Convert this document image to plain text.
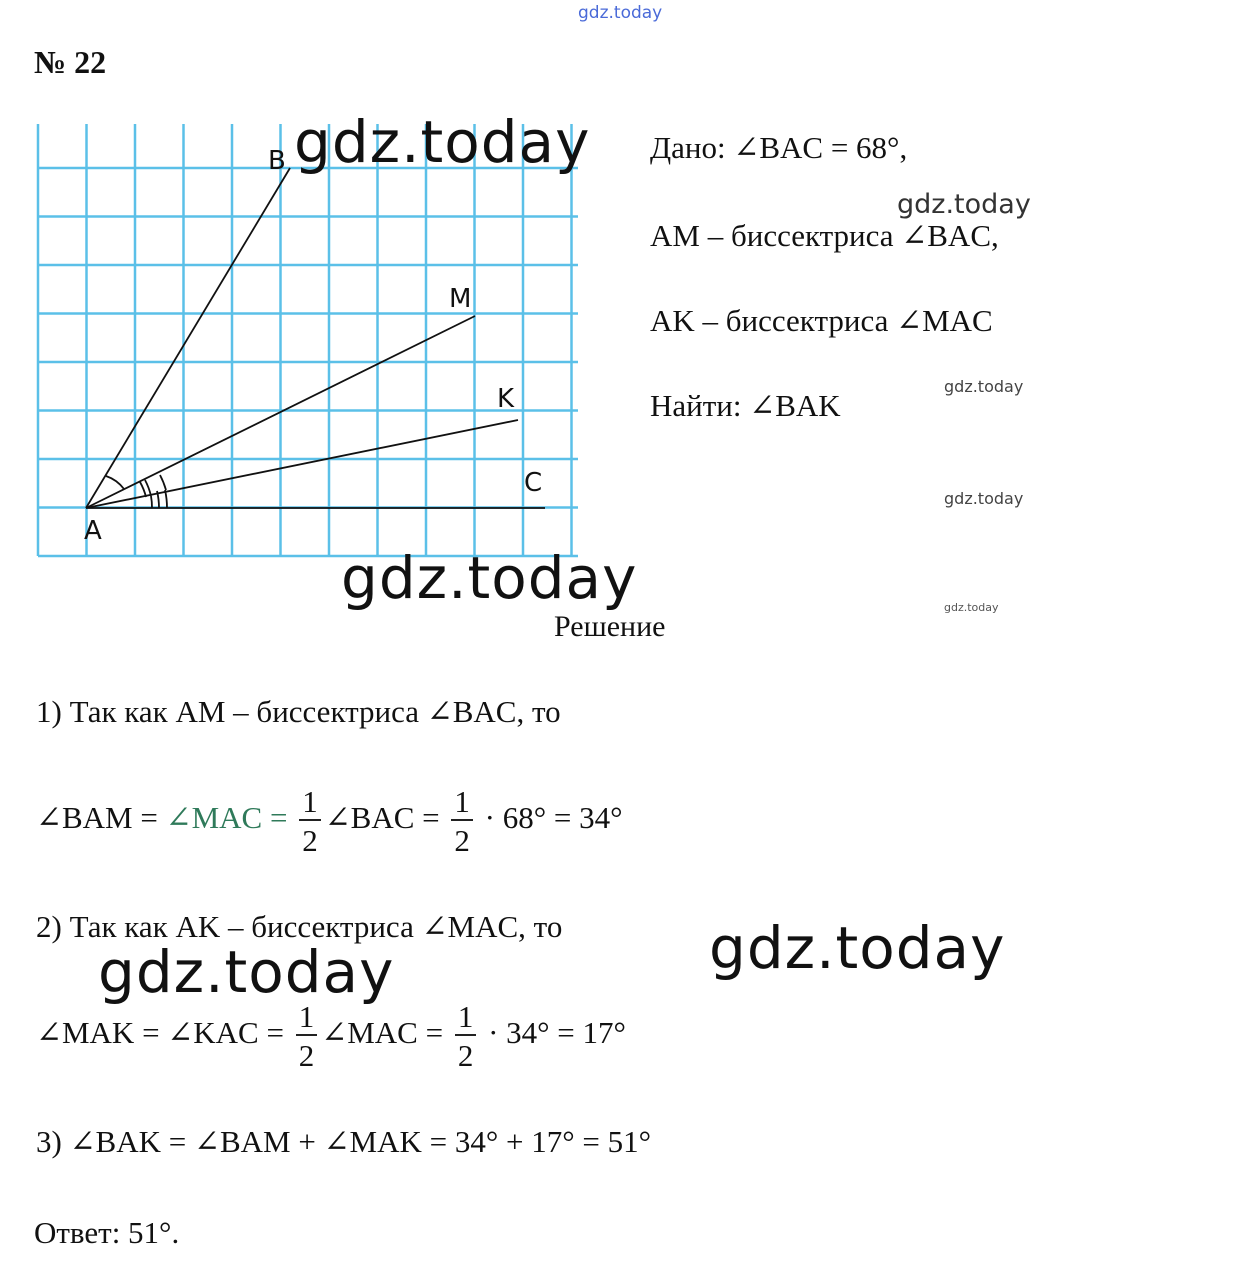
gdz.today
№ 22
B
M
K
C
A
gdz.today Дано: ∠BAC = 68°,
gdz.today
AM – биссектриса ∠BAC,
AK – биссектриса ∠MAC
gdz.today
Найти: ∠BAK
gdz.today
gdz.today
gdz.today
Решение
1) Так как AM – биссектриса ∠BAC, то
∠BAM = ∠MAC = $\frac{1}{2}$ ∠BAC = $\frac{1}{2} \cdot 68^\circ = 34^\circ$
2) Так как AK – биссектриса ∠MAC, то
gdz.today	gdz.today
∠MAK = ∠KAC = $\frac{1}{2}$ ∠MAC = $\frac{1}{2} \cdot 34^\circ = 17^\circ$
3) ∠BAK = ∠BAM + ∠MAK = 34° + 17° = 51°
Ответ: 51°.
